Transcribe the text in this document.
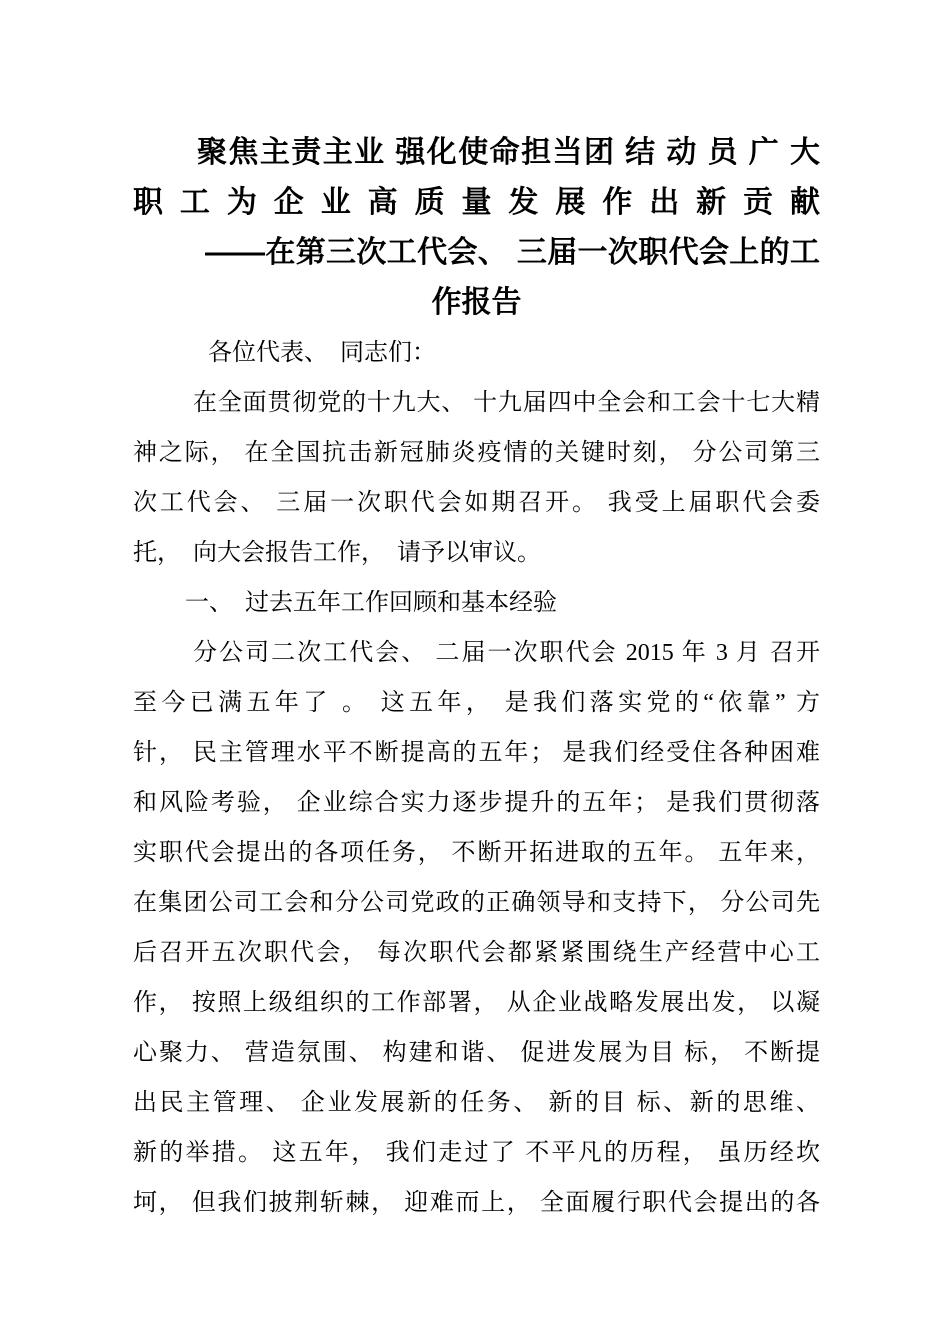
聚焦主责主业 强化使命担当团 结 动 员 广 大
职 工 为 企 业 高 质 量 发 展 作 出 新 贡 献
——在第三次工代会、 三届一次职代会上的工
作报告
各位代表、　同志们：
在全面贯彻党的十九大、 十九届四中全会和工会十七大精
神之际， 在全国抗击新冠肺炎疫情的关键时刻， 分公司第三
次工代会、 三届一次职代会如期召开。 我受上届职代会委
托，　向大会报告工作，　请予以审议。
一、　过去五年工作回顾和基本经验
分公司二次工代会、 二届一次职代会 2015 年 3 月 召开
至今已满五年了 。 这五年， 是我们落实党的“依靠” 方
针， 民主管理水平不断提高的五年； 是我们经受住各种困难
和风险考验， 企业综合实力逐步提升的五年； 是我们贯彻落
实职代会提出的各项任务， 不断开拓进取的五年。 五年来，
在集团公司工会和分公司党政的正确领导和支持下， 分公司先
后召开五次职代会， 每次职代会都紧紧围绕生产经营中心工
作， 按照上级组织的工作部署， 从企业战略发展出发， 以凝
心聚力、 营造氛围、 构建和谐、 促进发展为目 标， 不断提
出民主管理、 企业发展新的任务、 新的目 标、新的思维、
新的举措。 这五年， 我们走过了 不平凡的历程， 虽历经坎
坷， 但我们披荆斩棘， 迎难而上， 全面履行职代会提出的各
